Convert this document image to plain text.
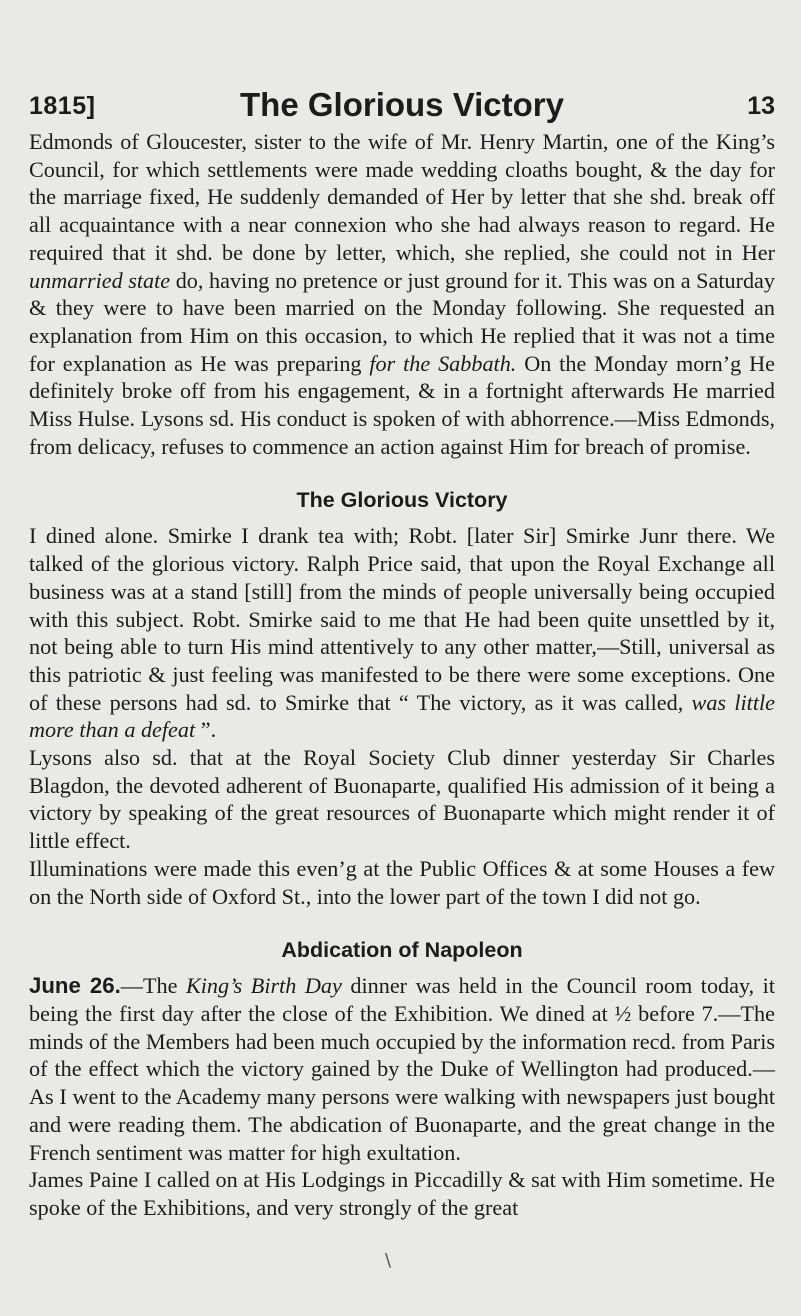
1815]	The Glorious Victory	13

Edmonds of Gloucester, sister to the wife of Mr. Henry Martin, one of the King’s Council, for which settlements were made wedding cloaths bought, & the day for the marriage fixed, He suddenly demanded of Her by letter that she shd. break off all acquaintance with a near connexion who she had always reason to regard. He required that it shd. be done by letter, which, she replied, she could not in Her unmarried state do, having no pretence or just ground for it. This was on a Saturday & they were to have been married on the Monday following. She requested an explanation from Him on this occasion, to which He replied that it was not a time for explanation as He was preparing for the Sabbath. On the Monday morn’g He definitely broke off from his engagement, & in a fortnight afterwards He married Miss Hulse. Lysons sd. His conduct is spoken of with abhorrence.—Miss Edmonds, from delicacy, refuses to commence an action against Him for breach of promise.

The Glorious Victory

I dined alone. Smirke I drank tea with; Robt. [later Sir] Smirke Junr there. We talked of the glorious victory. Ralph Price said, that upon the Royal Exchange all business was at a stand [still] from the minds of people universally being occupied with this subject. Robt. Smirke said to me that He had been quite unsettled by it, not being able to turn His mind attentively to any other matter,—Still, universal as this patriotic & just feeling was manifested to be there were some exceptions. One of these persons had sd. to Smirke that “ The victory, as it was called, was little more than a defeat ”.

Lysons also sd. that at the Royal Society Club dinner yesterday Sir Charles Blagdon, the devoted adherent of Buonaparte, qualified His admission of it being a victory by speaking of the great resources of Buonaparte which might render it of little effect.

Illuminations were made this even’g at the Public Offices & at some Houses a few on the North side of Oxford St., into the lower part of the town I did not go.

Abdication of Napoleon

June 26.—The King’s Birth Day dinner was held in the Council room today, it being the first day after the close of the Exhibition. We dined at ½ before 7.—The minds of the Members had been much occupied by the information recd. from Paris of the effect which the victory gained by the Duke of Wellington had produced.—As I went to the Academy many persons were walking with newspapers just bought and were reading them. The abdication of Buonaparte, and the great change in the French sentiment was matter for high exultation.

James Paine I called on at His Lodgings in Piccadilly & sat with Him sometime. He spoke of the Exhibitions, and very strongly of the great

\
